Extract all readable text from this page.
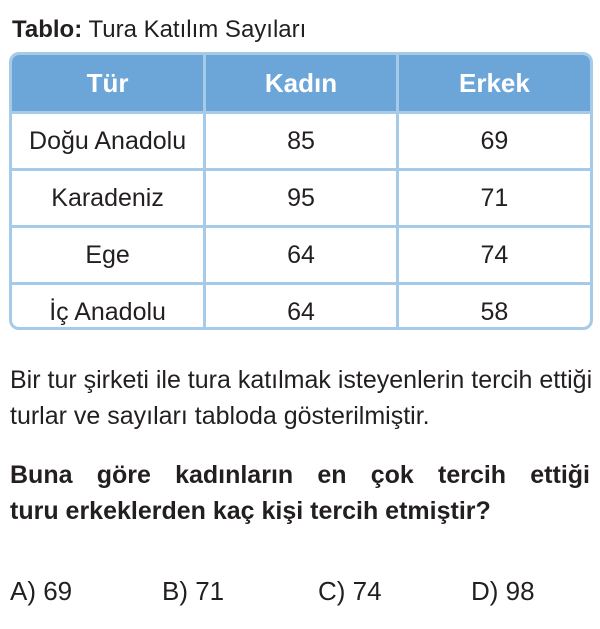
Tablo: Tura Katılım Sayıları
Tür	Kadın	Erkek
Doğu Anadolu	85	69
Karadeniz	95	71
Ege	64	74
İç Anadolu	64	58
Bir tur şirketi ile tura katılmak isteyenlerin tercih ettiği turlar ve sayıları tabloda gösterilmiştir.
Buna göre kadınların en çok tercih ettiği
turu erkeklerden kaç kişi tercih etmiştir?
A) 69	B) 71	C) 74	D) 98
